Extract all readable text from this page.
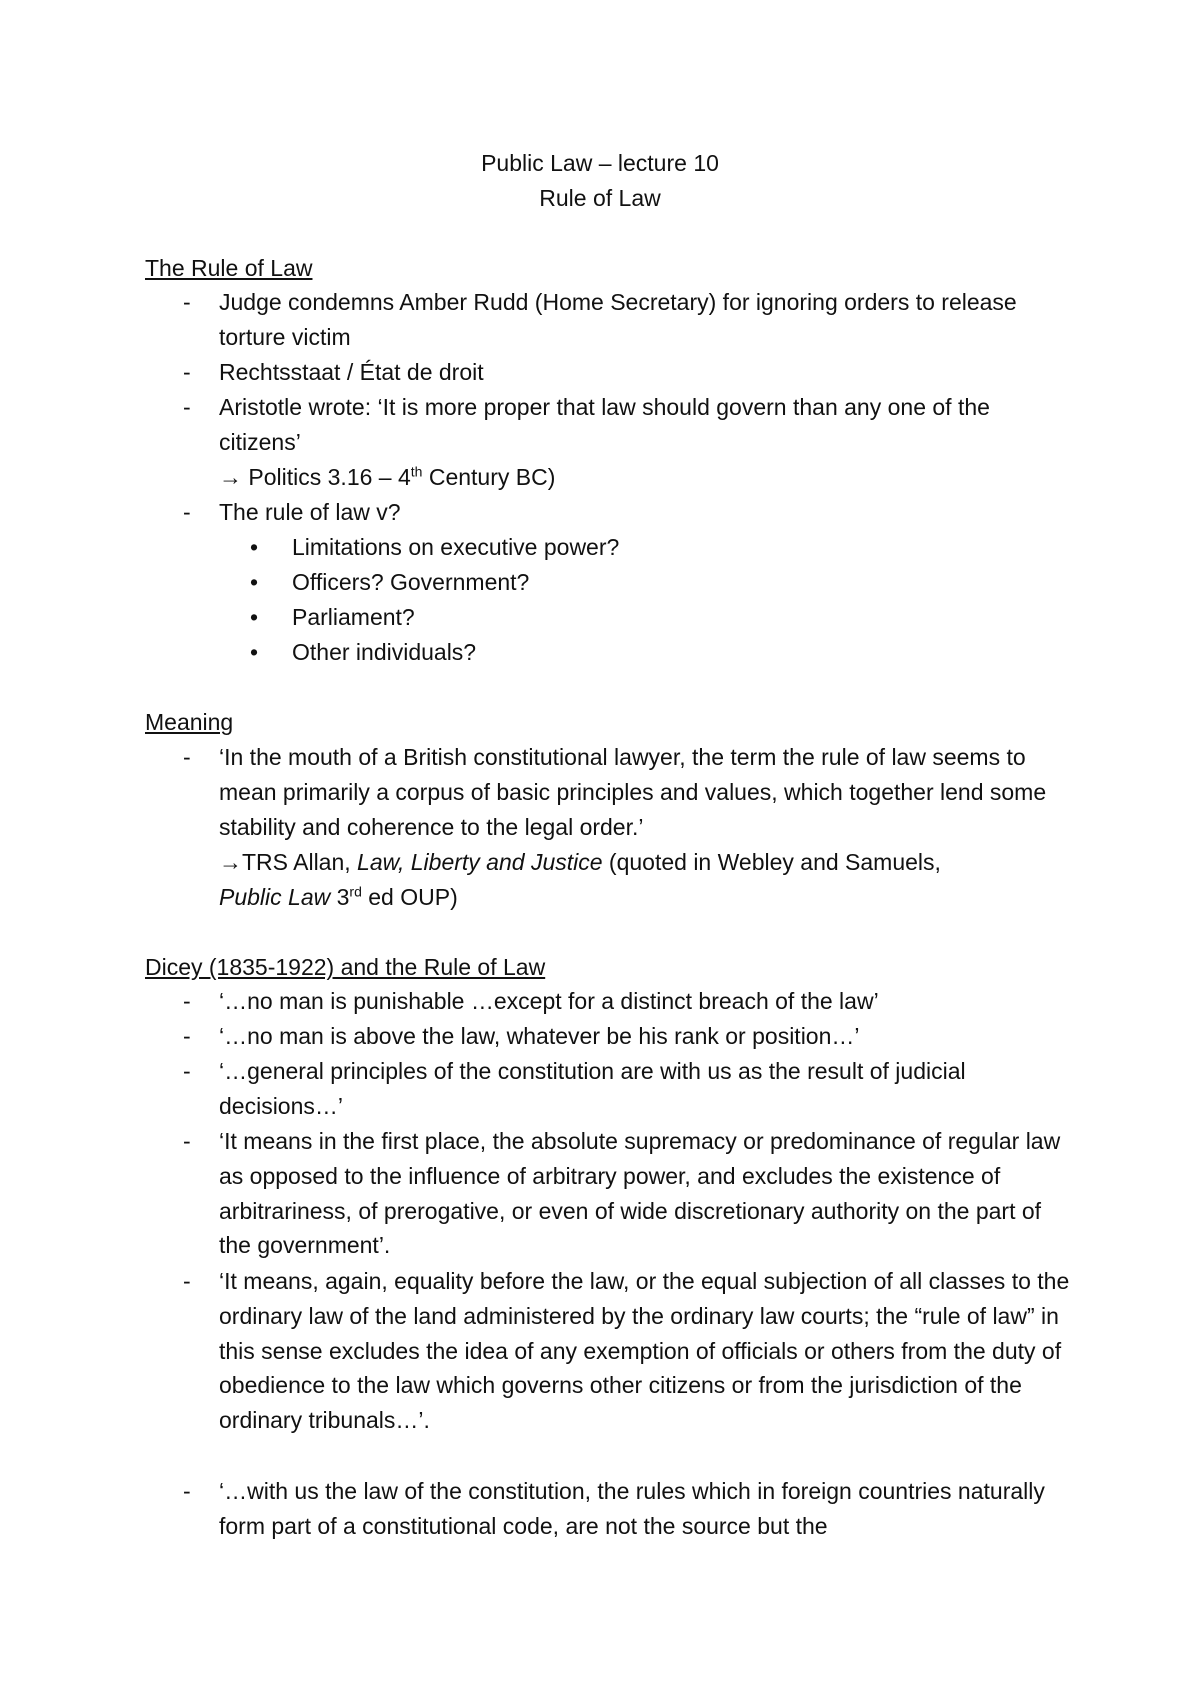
Public Law – lecture 10
Rule of Law
The Rule of Law
- Judge condemns Amber Rudd (Home Secretary) for ignoring orders to release torture victim
- Rechtsstaat / État de droit
- Aristotle wrote: ‘It is more proper that law should govern than any one of the citizens’
→ Politics 3.16 – 4th Century BC)
- The rule of law v?
• Limitations on executive power?
• Officers? Government?
• Parliament?
• Other individuals?
Meaning
- ‘In the mouth of a British constitutional lawyer, the term the rule of law seems to mean primarily a corpus of basic principles and values, which together lend some stability and coherence to the legal order.’
→TRS Allan, Law, Liberty and Justice (quoted in Webley and Samuels,
Public Law 3rd ed OUP)
Dicey (1835-1922) and the Rule of Law
- ‘…no man is punishable …except for a distinct breach of the law’
- ‘…no man is above the law, whatever be his rank or position…’
- ‘…general principles of the constitution are with us as the result of judicial decisions…’
- ‘It means in the first place, the absolute supremacy or predominance of regular law as opposed to the influence of arbitrary power, and excludes the existence of arbitrariness, of prerogative, or even of wide discretionary authority on the part of the government’.
- ‘It means, again, equality before the law, or the equal subjection of all classes to the ordinary law of the land administered by the ordinary law courts; the “rule of law” in this sense excludes the idea of any exemption of officials or others from the duty of obedience to the law which governs other citizens or from the jurisdiction of the ordinary tribunals…’.
- ‘…with us the law of the constitution, the rules which in foreign countries naturally form part of a constitutional code, are not the source but the
